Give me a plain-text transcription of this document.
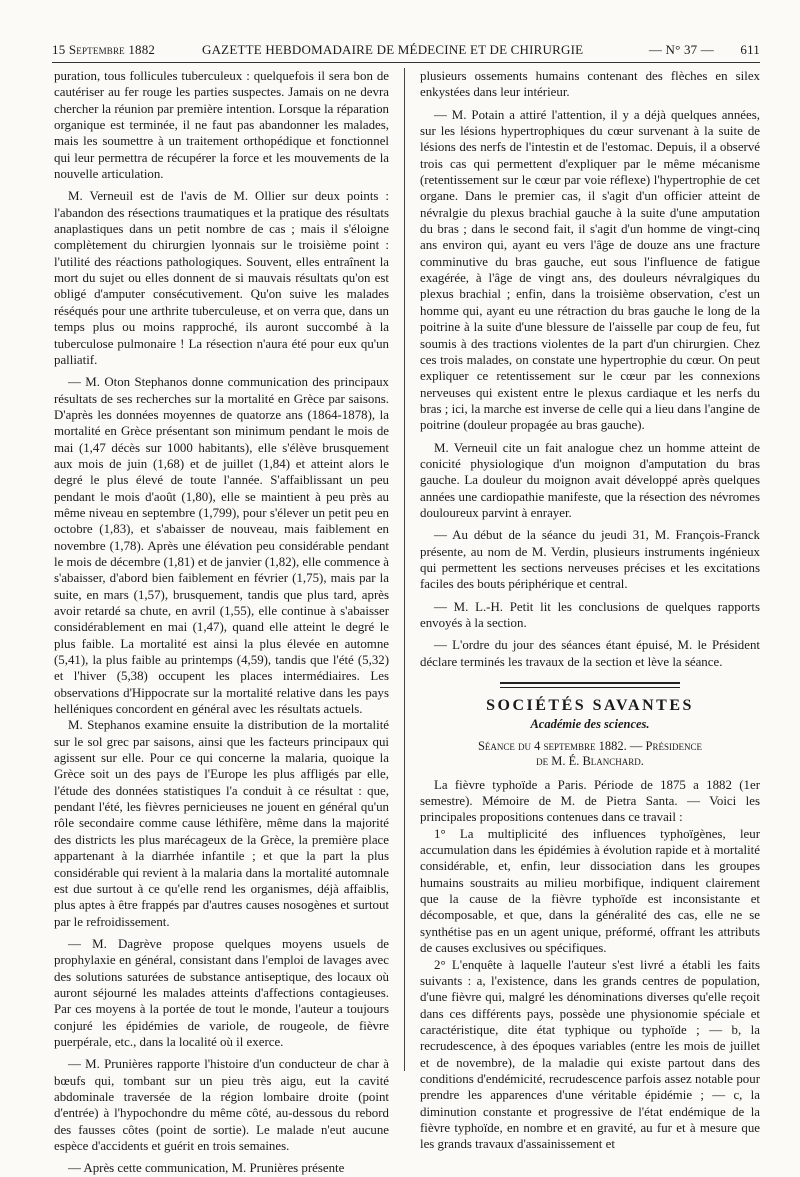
15 Septembre 1882	GAZETTE HEBDOMADAIRE DE MÉDECINE ET DE CHIRURGIE	— N° 37 — 611

puration, tous follicules tuberculeux : quelquefois il sera bon de cautériser au fer rouge les parties suspectes. Jamais on ne devra chercher la réunion par première intention. Lorsque la réparation organique est terminée, il ne faut pas abandonner les malades, mais les soumettre à un traitement orthopédique et fonctionnel qui leur permettra de récupérer la force et les mouvements de la nouvelle articulation.

M. Verneuil est de l'avis de M. Ollier sur deux points : l'abandon des résections traumatiques et la pratique des résultats anaplastiques dans un petit nombre de cas ; mais il s'éloigne complètement du chirurgien lyonnais sur le troisième point : l'utilité des réactions pathologiques. Souvent, elles entraînent la mort du sujet ou elles donnent de si mauvais résultats qu'on est obligé d'amputer consécutivement. Qu'on suive les malades réséqués pour une arthrite tuberculeuse, et on verra que, dans un temps plus ou moins rapproché, ils auront succombé à la tuberculose pulmonaire ! La résection n'aura été pour eux qu'un palliatif.

— M. Oton Stephanos donne communication des principaux résultats de ses recherches sur la mortalité en Grèce par saisons. D'après les données moyennes de quatorze ans (1864-1878), la mortalité en Grèce présentant son minimum pendant le mois de mai (1,47 décès sur 1000 habitants), elle s'élève brusquement aux mois de juin (1,68) et de juillet (1,84) et atteint alors le degré le plus élevé de toute l'année. S'affaiblissant un peu pendant le mois d'août (1,80), elle se maintient à peu près au même niveau en septembre (1,799), pour s'élever un petit peu en octobre (1,83), et s'abaisser de nouveau, mais faiblement en novembre (1,78). Après une élévation peu considérable pendant le mois de décembre (1,81) et de janvier (1,82), elle commence à s'abaisser, d'abord bien faiblement en février (1,75), mais par la suite, en mars (1,57), brusquement, tandis que plus tard, après avoir retardé sa chute, en avril (1,55), elle continue à s'abaisser considérablement en mai (1,47), quand elle atteint le degré le plus faible. La mortalité est ainsi la plus élevée en automne (5,41), la plus faible au printemps (4,59), tandis que l'été (5,32) et l'hiver (5,38) occupent les places intermédiaires. Les observations d'Hippocrate sur la mortalité relative dans les pays helléniques concordent en général avec les résultats actuels.

M. Stephanos examine ensuite la distribution de la mortalité sur le sol grec par saisons, ainsi que les facteurs principaux qui agissent sur elle. Pour ce qui concerne la malaria, quoique la Grèce soit un des pays de l'Europe les plus affligés par elle, l'étude des données statistiques l'a conduit à ce résultat : que, pendant l'été, les fièvres pernicieuses ne jouent en général qu'un rôle secondaire comme cause léthifère, même dans la majorité des districts les plus marécageux de la Grèce, la première place appartenant à la diarrhée infantile ; et que la part la plus considérable qui revient à la malaria dans la mortalité automnale est due surtout à ce qu'elle rend les organismes, déjà affaiblis, plus aptes à être frappés par d'autres causes nosogènes et surtout par le refroidissement.

— M. Dagrève propose quelques moyens usuels de prophylaxie en général, consistant dans l'emploi de lavages avec des solutions saturées de substance antiseptique, des locaux où auront séjourné les malades atteints d'affections contagieuses. Par ces moyens à la portée de tout le monde, l'auteur a toujours conjuré les épidémies de variole, de rougeole, de fièvre puerpérale, etc., dans la localité où il exerce.

— M. Prunières rapporte l'histoire d'un conducteur de char à bœufs qui, tombant sur un pieu très aigu, eut la cavité abdominale traversée de la région lombaire droite (point d'entrée) à l'hypochondre du même côté, au-dessous du rebord des fausses côtes (point de sortie). Le malade n'eut aucune espèce d'accidents et guérit en trois semaines.

— Après cette communication, M. Prunières présente

plusieurs ossements humains contenant des flèches en silex enkystées dans leur intérieur.

— M. Potain a attiré l'attention, il y a déjà quelques années, sur les lésions hypertrophiques du cœur survenant à la suite de lésions des nerfs de l'intestin et de l'estomac. Depuis, il a observé trois cas qui permettent d'expliquer par le même mécanisme (retentissement sur le cœur par voie réflexe) l'hypertrophie de cet organe. Dans le premier cas, il s'agit d'un officier atteint de névralgie du plexus brachial gauche à la suite d'une amputation du bras ; dans le second fait, il s'agit d'un homme de vingt-cinq ans environ qui, ayant eu vers l'âge de douze ans une fracture comminutive du bras gauche, eut sous l'influence de fatigue exagérée, à l'âge de vingt ans, des douleurs névralgiques du plexus brachial ; enfin, dans la troisième observation, c'est un homme qui, ayant eu une rétraction du bras gauche le long de la poitrine à la suite d'une blessure de l'aisselle par coup de feu, fut soumis à des tractions violentes de la part d'un chirurgien. Chez ces trois malades, on constate une hypertrophie du cœur. On peut expliquer ce retentissement sur le cœur par les connexions nerveuses qui existent entre le plexus cardiaque et les nerfs du bras ; ici, la marche est inverse de celle qui a lieu dans l'angine de poitrine (douleur propagée au bras gauche).

M. Verneuil cite un fait analogue chez un homme atteint de conicité physiologique d'un moignon d'amputation du bras gauche. La douleur du moignon avait développé après quelques années une cardiopathie manifeste, que la résection des névromes douloureux parvint à enrayer.

— Au début de la séance du jeudi 31, M. François-Franck présente, au nom de M. Verdin, plusieurs instruments ingénieux qui permettent les sections nerveuses précises et les excitations faciles des bouts périphérique et central.

— M. L.-H. Petit lit les conclusions de quelques rapports envoyés à la section.

— L'ordre du jour des séances étant épuisé, M. le Président déclare terminés les travaux de la section et lève la séance.

SOCIÉTÉS SAVANTES
Académie des sciences.
Séance du 4 septembre 1882. — Présidence
de M. É. Blanchard.

La fièvre typhoïde a Paris. Période de 1875 a 1882 (1er semestre). Mémoire de M. de Pietra Santa. — Voici les principales propositions contenues dans ce travail :

1° La multiplicité des influences typhoïgènes, leur accumulation dans les épidémies à évolution rapide et à mortalité considérable, et, enfin, leur dissociation dans les groupes humains soustraits au milieu morbifique, indiquent clairement que la cause de la fièvre typhoïde est inconsistante et décomposable, et que, dans la généralité des cas, elle ne se synthétise pas en un agent unique, préformé, offrant les attributs de causes exclusives ou spécifiques.

2° L'enquête à laquelle l'auteur s'est livré a établi les faits suivants : a, l'existence, dans les grands centres de population, d'une fièvre qui, malgré les dénominations diverses qu'elle reçoit dans ces différents pays, possède une physionomie spéciale et caractéristique, dite état typhique ou typhoïde ; — b, la recrudescence, à des époques variables (entre les mois de juillet et de novembre), de la maladie qui existe partout dans des conditions d'endémicité, recrudescence parfois assez notable pour prendre les apparences d'une véritable épidémie ; — c, la diminution constante et progressive de l'état endémique de la fièvre typhoïde, en nombre et en gravité, au fur et à mesure que les grands travaux d'assainissement et
